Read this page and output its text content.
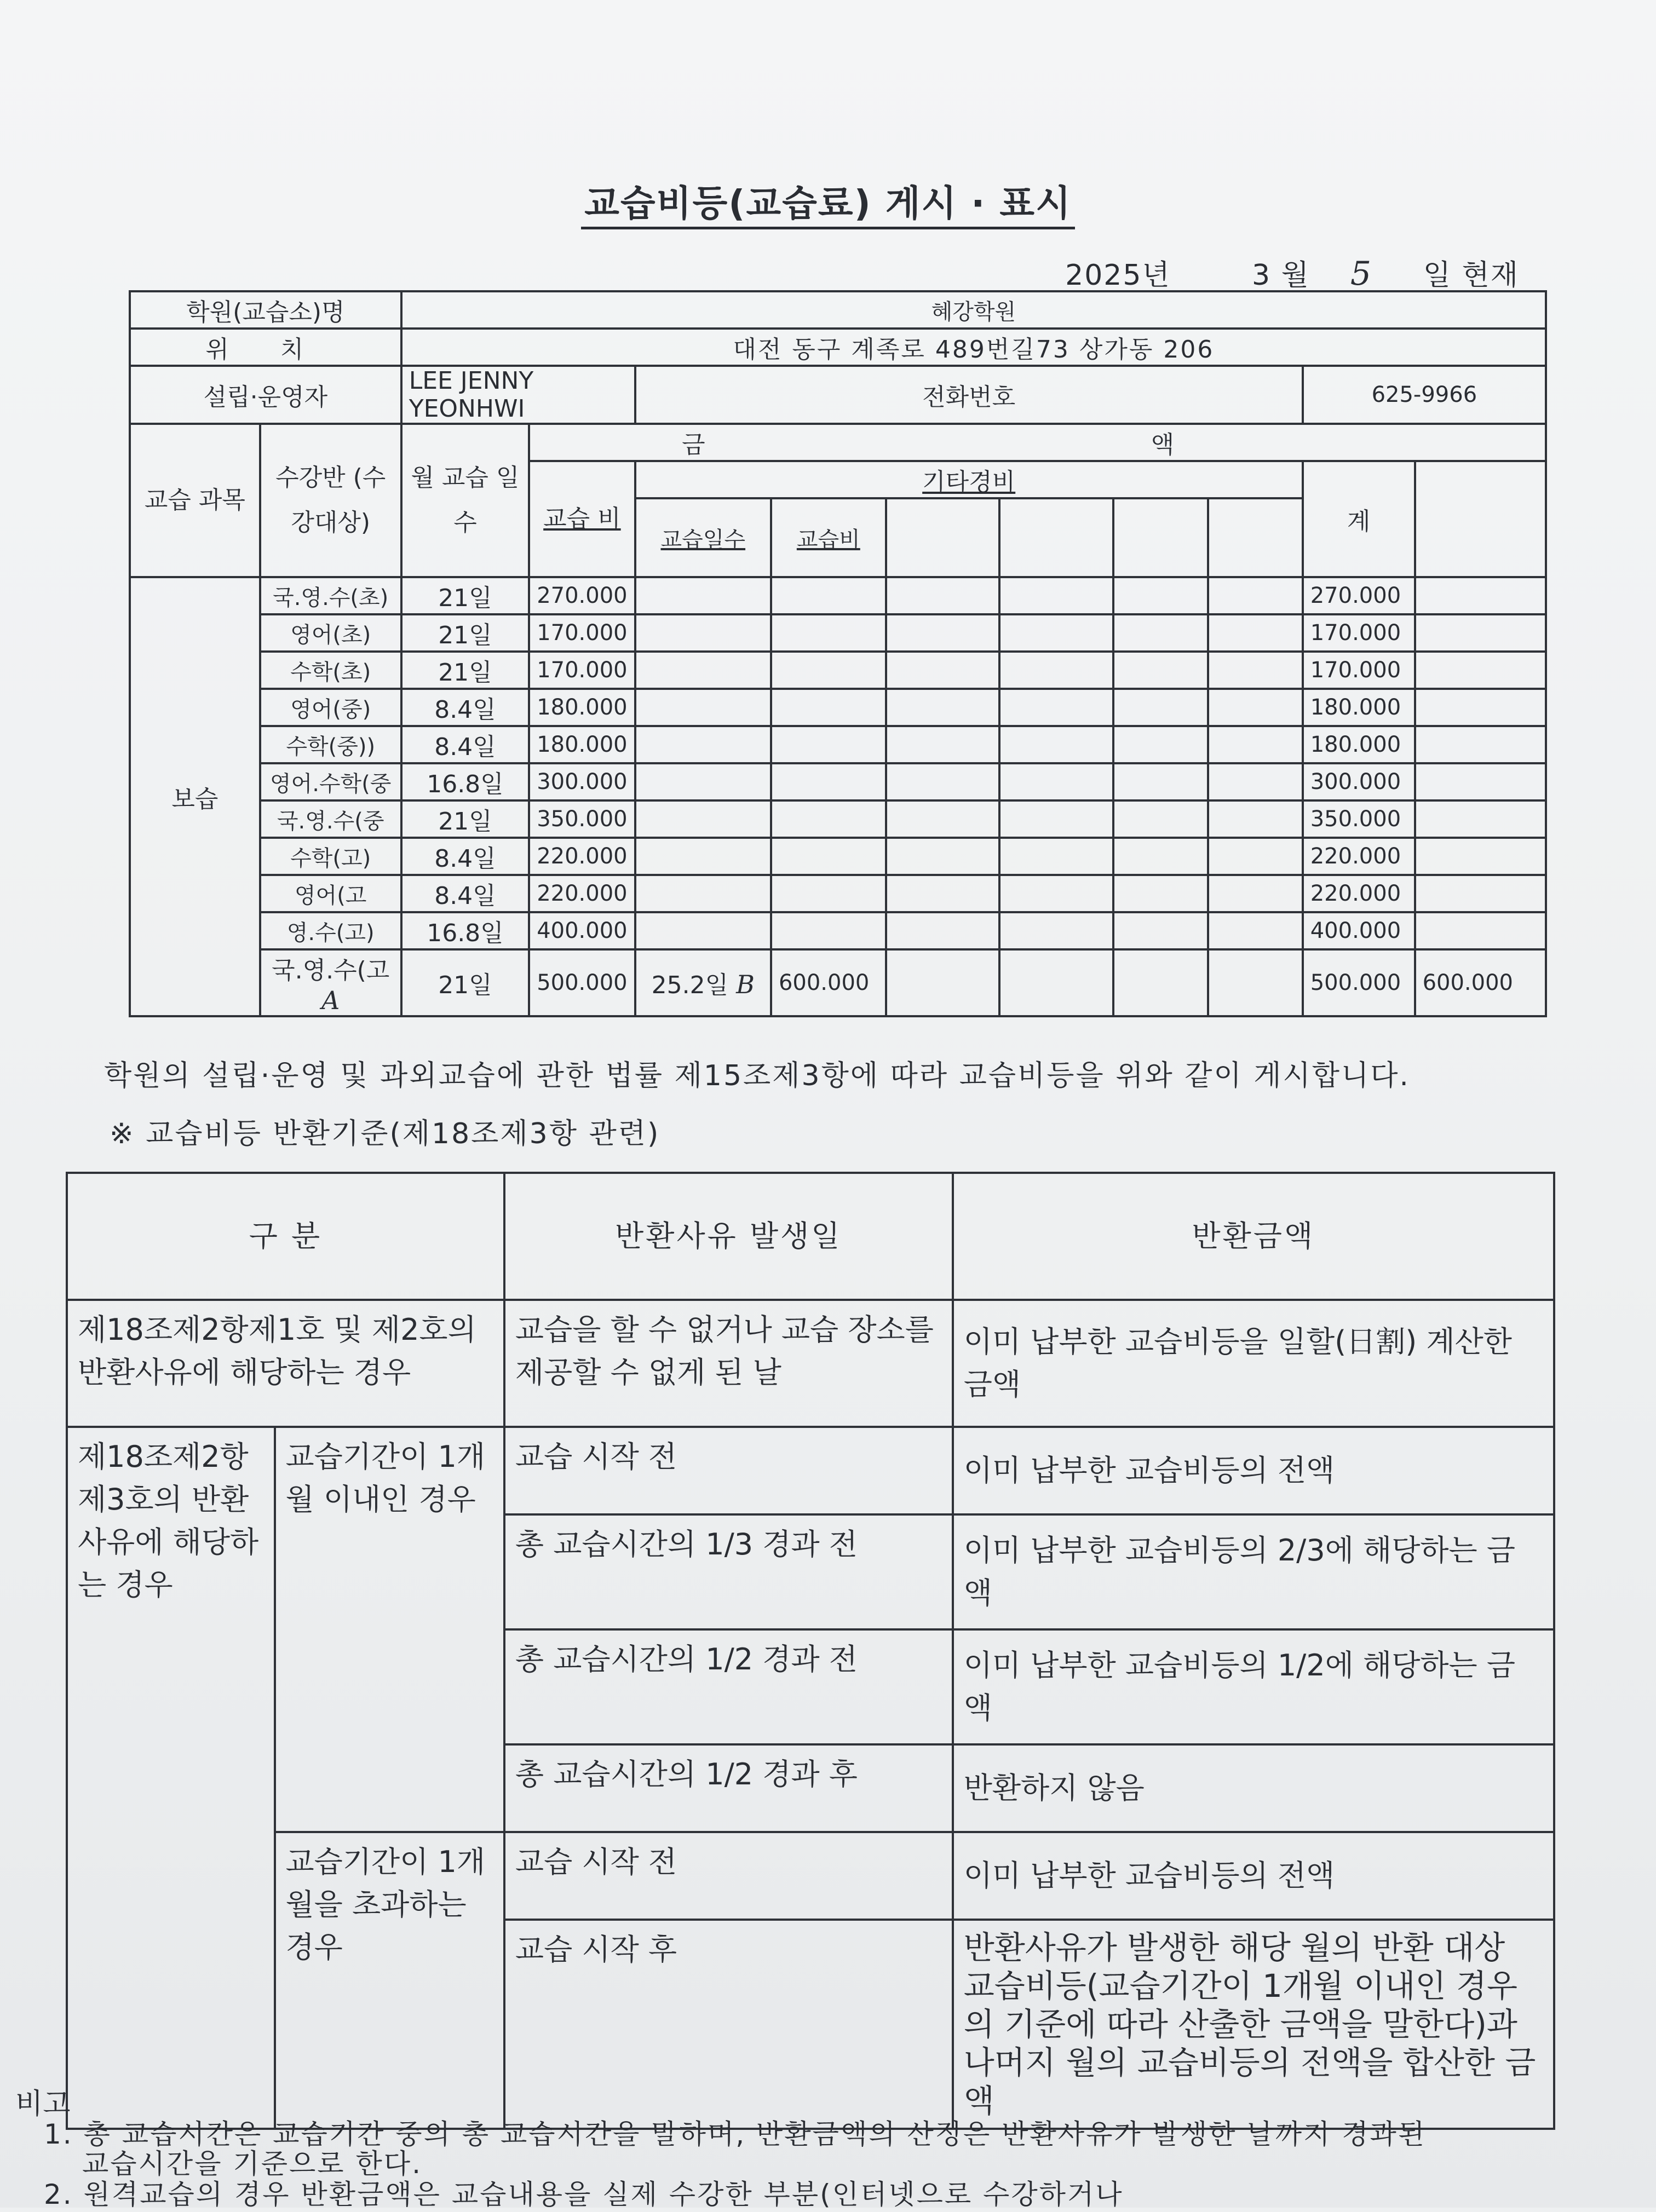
교습비등(교습료) 게시 · 표시
2025년	3 월 5 일 현재
학원(교습소)명		혜강학원									
위 치		대전 동구 계족로 489번길73 상가동 206									
설립·운영자		LEE JENNY YEONHWI		전화번호						625-9966	
교습 과목	수강반 (수강대상)	월 교습 일수	금 액								
			교습 비	기타경비						계	
				교습일수	교습비						
보습	국.영.수(초)	21일	270.000							270.000	
	영어(초)	21일	170.000							170.000	
	수학(초)	21일	170.000							170.000	
	영어(중)	8.4일	180.000							180.000	
	수학(중))	8.4일	180.000							180.000	
	영어.수학(중	16.8일	300.000							300.000	
	국.영.수(중	21일	350.000							350.000	
	수학(고)	8.4일	220.000							220.000	
	영어(고	8.4일	220.000							220.000	
	영.수(고)	16.8일	400.000							400.000	
	국.영.수(고A	21일	500.000	25.2일 B	600.000					500.000	600.000
학원의 설립·운영 및 과외교습에 관한 법률 제15조제3항에 따라 교습비등을 위와 같이 게시합니다.
※ 교습비등 반환기준(제18조제3항 관련)
구 분		반환사유 발생일	반환금액
제18조제2항제1호 및 제2호의 반환사유에 해당하는 경우		교습을 할 수 없거나 교습 장소를 제공할 수 없게 된 날	이미 납부한 교습비등을 일할(日割) 계산한 금액
제18조제2항제3호의 반환사유에 해당하는 경우	교습기간이 1개월 이내인 경우	교습 시작 전	이미 납부한 교습비등의 전액
		총 교습시간의 1/3 경과 전	이미 납부한 교습비등의 2/3에 해당하는 금액
		총 교습시간의 1/2 경과 전	이미 납부한 교습비등의 1/2에 해당하는 금액
		총 교습시간의 1/2 경과 후	반환하지 않음
	교습기간이 1개월을 초과하는 경우	교습 시작 전	이미 납부한 교습비등의 전액
		교습 시작 후	반환사유가 발생한 해당 월의 반환 대상 교습비등(교습기간이 1개월 이내인 경우의 기준에 따라 산출한 금액을 말한다)과 나머지 월의 교습비등의 전액을 합산한 금액
비고
1. 총 교습시간은 교습기간 중의 총 교습시간을 말하며, 반환금액의 산정은 반환사유가 발생한 날까지 경과된
교습시간을 기준으로 한다.
2. 원격교습의 경우 반환금액은 교습내용을 실제 수강한 부분(인터넷으로 수강하거나
